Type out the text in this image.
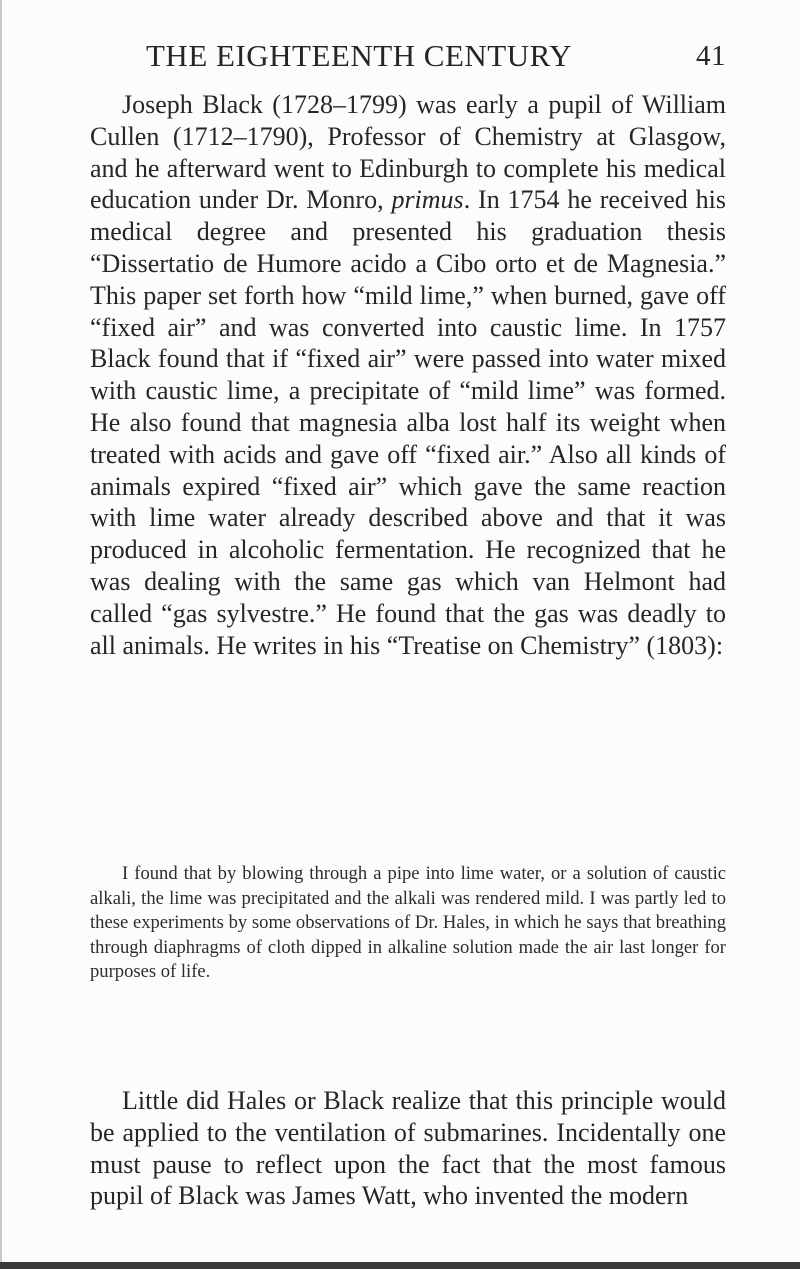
THE EIGHTEENTH CENTURY	41

Joseph Black (1728–1799) was early a pupil of William Cullen (1712–1790), Professor of Chemistry at Glasgow, and he afterward went to Edinburgh to complete his medical education under Dr. Monro, primus. In 1754 he received his medical degree and presented his graduation thesis “Dissertatio de Humore acido a Cibo orto et de Magnesia.” This paper set forth how “mild lime,” when burned, gave off “fixed air” and was converted into caustic lime. In 1757 Black found that if “fixed air” were passed into water mixed with caustic lime, a precipitate of “mild lime” was formed. He also found that magnesia alba lost half its weight when treated with acids and gave off “fixed air.” Also all kinds of animals expired “fixed air” which gave the same reaction with lime water already described above and that it was produced in alcoholic fermentation. He recognized that he was dealing with the same gas which van Helmont had called “gas sylvestre.” He found that the gas was deadly to all animals. He writes in his “Treatise on Chemistry” (1803):

I found that by blowing through a pipe into lime water, or a solution of caustic alkali, the lime was precipitated and the alkali was rendered mild. I was partly led to these experiments by some observations of Dr. Hales, in which he says that breathing through diaphragms of cloth dipped in alkaline solution made the air last longer for purposes of life.

Little did Hales or Black realize that this principle would be applied to the ventilation of submarines. Incidentally one must pause to reflect upon the fact that the most famous pupil of Black was James Watt, who invented the modern
